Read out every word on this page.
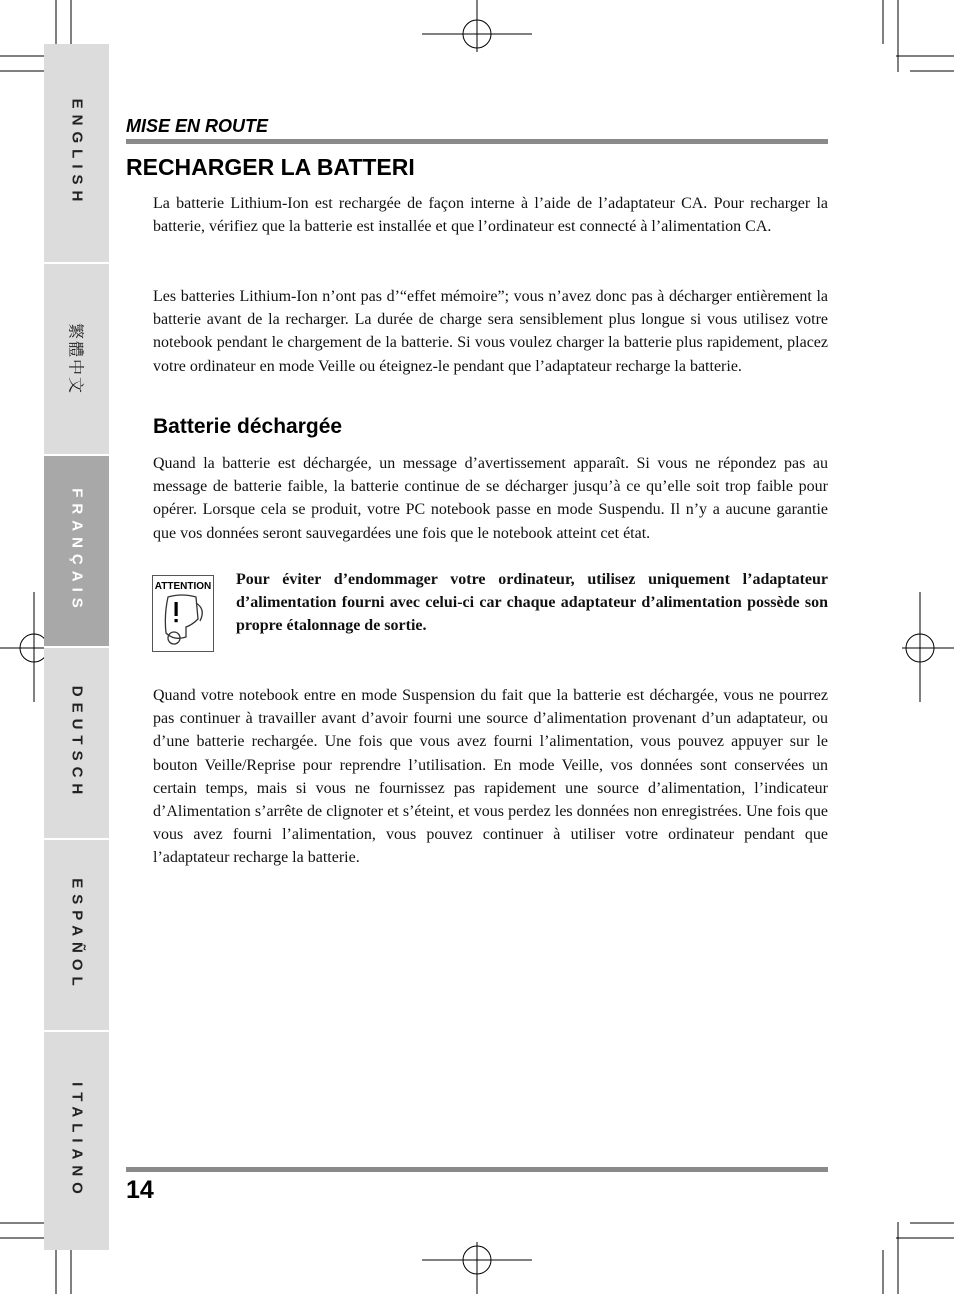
ENGLISH
繁體中文
FRANÇAIS
DEUTSCH
ESPAÑOL
ITALIANO
MISE EN ROUTE
RECHARGER LA BATTERI

La batterie Lithium-Ion est rechargée de façon interne à l’aide de l’adaptateur CA. Pour recharger la batterie, vérifiez que la batterie est installée et que l’ordinateur est connecté à l’alimentation CA.

Les batteries Lithium-Ion n’ont pas d’“effet mémoire”; vous n’avez donc pas à décharger entièrement la batterie avant de la recharger. La durée de charge sera sensiblement plus longue si vous utilisez votre notebook pendant le chargement de la batterie. Si vous voulez charger la batterie plus rapidement, placez votre ordinateur en mode Veille ou éteignez-le pendant que l’adaptateur recharge la batterie.

Batterie déchargée

Quand la batterie est déchargée, un message d’avertissement apparaît. Si vous ne répondez pas au message de batterie faible, la batterie continue de se décharger jusqu’à ce qu’elle soit trop faible pour opérer. Lorsque cela se produit, votre PC notebook passe en mode Suspendu. Il n’y a aucune garantie que vos données seront sauvegardées une fois que le notebook atteint cet état.

ATTENTION Pour éviter d’endommager votre ordinateur, utilisez uniquement l’adaptateur d’alimentation fourni avec celui-ci car chaque adaptateur d’alimentation possède son propre étalonnage de sortie.

Quand votre notebook entre en mode Suspension du fait que la batterie est déchargée, vous ne pourrez pas continuer à travailler avant d’avoir fourni une source d’alimentation provenant d’un adaptateur, ou d’une batterie rechargée. Une fois que vous avez fourni l’alimentation, vous pouvez appuyer sur le bouton Veille/Reprise pour reprendre l’utilisation. En mode Veille, vos données sont conservées un certain temps, mais si vous ne fournissez pas rapidement une source d’alimentation, l’indicateur d’Alimentation s’arrête de clignoter et s’éteint, et vous perdez les données non enregistrées. Une fois que vous avez fourni l’alimentation, vous pouvez continuer à utiliser votre ordinateur pendant que l’adaptateur recharge la batterie.

14
